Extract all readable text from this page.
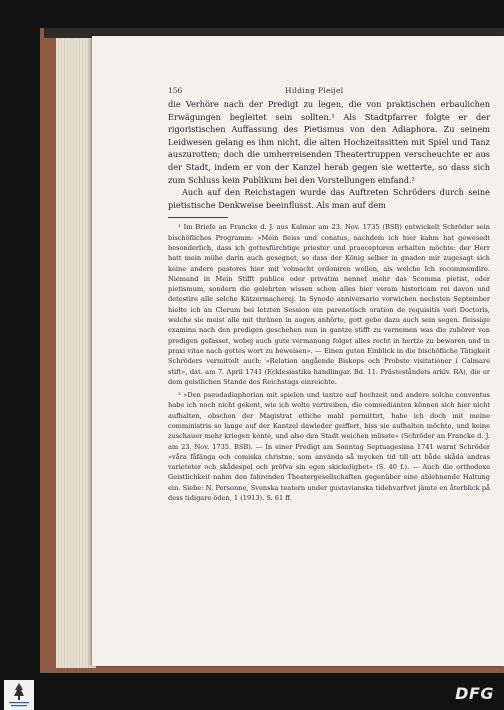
156	Hilding Pleijel

die Verhöre nach der Predigt zu legen, die von praktischen erbaulichen Erwägungen begleitet sein sollten.¹ Als Stadtpfarrer folgte er der rigoristischen Auffassung des Pietismus von den Adiaphora. Zu seinem Leidwesen gelang es ihm nicht, die alten Hochzeitssitten mit Spiel und Tanz auszurotten; doch die umherreisenden Theatertruppen verscheuchte er aus der Stadt, indem er von der Kanzel herab gegen sie wetterte, so dass sich zum Schluss kein Publikum bei den Vorstellungen einfand.²

Auch auf den Reichstagen wurde das Auftreten Schröders durch seine pietistische Denkweise beeinflusst. Als man auf dem

¹ Im Briefe an Francke d. J. aus Kalmar am 23. Nov. 1735 (BSB) entwickelt Schröder sein bischöfliches Programm: »Mein fleiss und conatus, nachdem ich hier kahm hat gewesedt besonderlich, dass ich gottesfürchtige priester und praeceptoren erhalten möchte: der Herr hatt mein mühe darin auch gesegnet, so dass der König selber in gnaden mir zugesagt sich keine andere pastores hier mit volmacht ordoniren wollen, als welche Ich recommendire. Niemand in Mein Stifft publice oder privatim nennet mehr das Scomma pietist, oder pietismum, sondern die gelehrten wissen schon alles hier veram historicam rei davon und detestire alle solche Kätzermacherej. In Synodo anniversario vorwichen nechsten September hielte ich an Clerum bei letzten Session ein parenetisch oration de requisitis veri Doctoris, welche sie meist alle mit thränen in augen anhörte, gott gebe dazu auch sein segen. fleissige examina nach den predigen geschehen nun in gantze stifft zu vernemen was die zuhörer von predigen gefasset, wobej auch gute vermanung folget alles recht in hertze zu bewaren und in praxi vitae nach gottes wort zu beweisen». — Einen guten Einblick in die bischöfliche Tätigkeit Schröders vermittelt auch: »Relation angående Biskops och Probste visitationer i Calmare stift», dat. am 7. April 1741 (Ecklesiastika handlingar. Bd. 11. Prästeståndets arkiv. RA), die er dem geistlichen Stande des Reichstags einreichte.

² »Den pseudadiaphorian mit spielen und tantze auf hochzeit und andere solche conventus habe ich noch nicht gekont, wie ich wolte vertreiben, die comoedianten können sich hier nicht aufhalten, obschon der Magistrat etliche mahl permittirt, habe ich doch mit meine comministris so lange auf der Kantzel dawieder geiffert, biss sie aufhalten möchte, und keine zuschauer mehr kriegen konte, und also den Stadt weichen müsste» (Schröder an Francke d. J. am 23. Nov. 1735. BSB). — In einer Predigt am Sonntag Septuagesima 1741 warnt Schröder »våra fåfänga och comiska christne, som använda så mycken tid till att både skåda andras varieteter och skådespel och pröfva sin egen skickelighet» (S. 40 f.). — Auch die orthodoxe Geistlichkeit nahm den fahrenden Theatergesellschaften gegenüber eine ablehnende Haltung ein. Siehe: N. Personne, Svenska teatern under gustavianska tidehvarfvet jämte en återblick på dess tidigare öden, 1 (1913). S. 61 ff.

DFG
